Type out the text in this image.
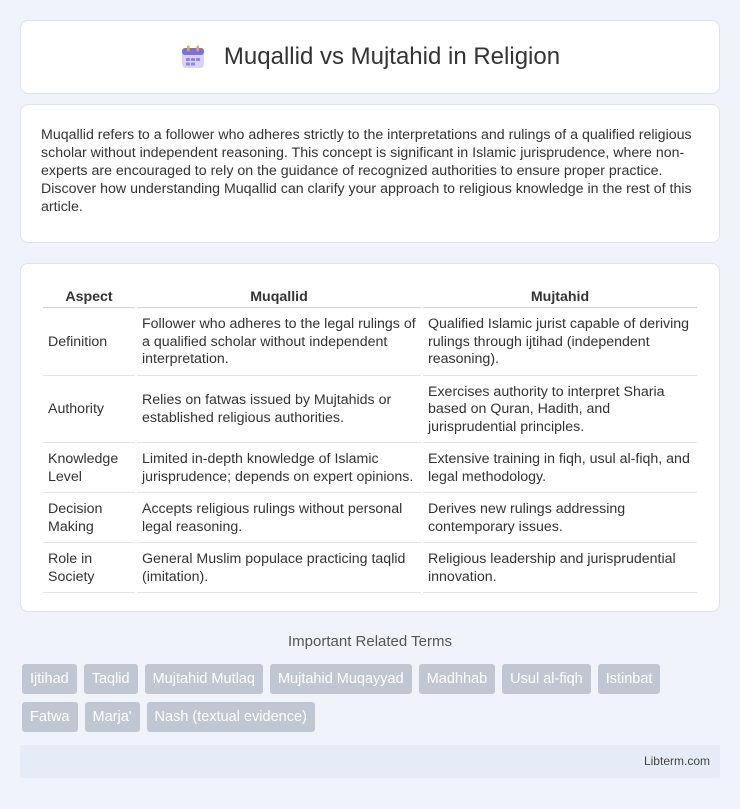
Muqallid vs Mujtahid in Religion

Muqallid refers to a follower who adheres strictly to the interpretations and rulings of a qualified religious scholar without independent reasoning. This concept is significant in Islamic jurisprudence, where non-experts are encouraged to rely on the guidance of recognized authorities to ensure proper practice. Discover how understanding Muqallid can clarify your approach to religious knowledge in the rest of this article.

Aspect	Muqallid	Mujtahid
Definition	Follower who adheres to the legal rulings of a qualified scholar without independent interpretation.	Qualified Islamic jurist capable of deriving rulings through ijtihad (independent reasoning).
Authority	Relies on fatwas issued by Mujtahids or established religious authorities.	Exercises authority to interpret Sharia based on Quran, Hadith, and jurisprudential principles.
Knowledge Level	Limited in-depth knowledge of Islamic jurisprudence; depends on expert opinions.	Extensive training in fiqh, usul al-fiqh, and legal methodology.
Decision Making	Accepts religious rulings without personal legal reasoning.	Derives new rulings addressing contemporary issues.
Role in Society	General Muslim populace practicing taqlid (imitation).	Religious leadership and jurisprudential innovation.
Important Related Terms
Ijtihad	Taqlid	Mujtahid Mutlaq	Mujtahid Muqayyad	Madhhab	Usul al-fiqh	Istinbat
Fatwa	Marja'	Nash (textual evidence)
Libterm.com
